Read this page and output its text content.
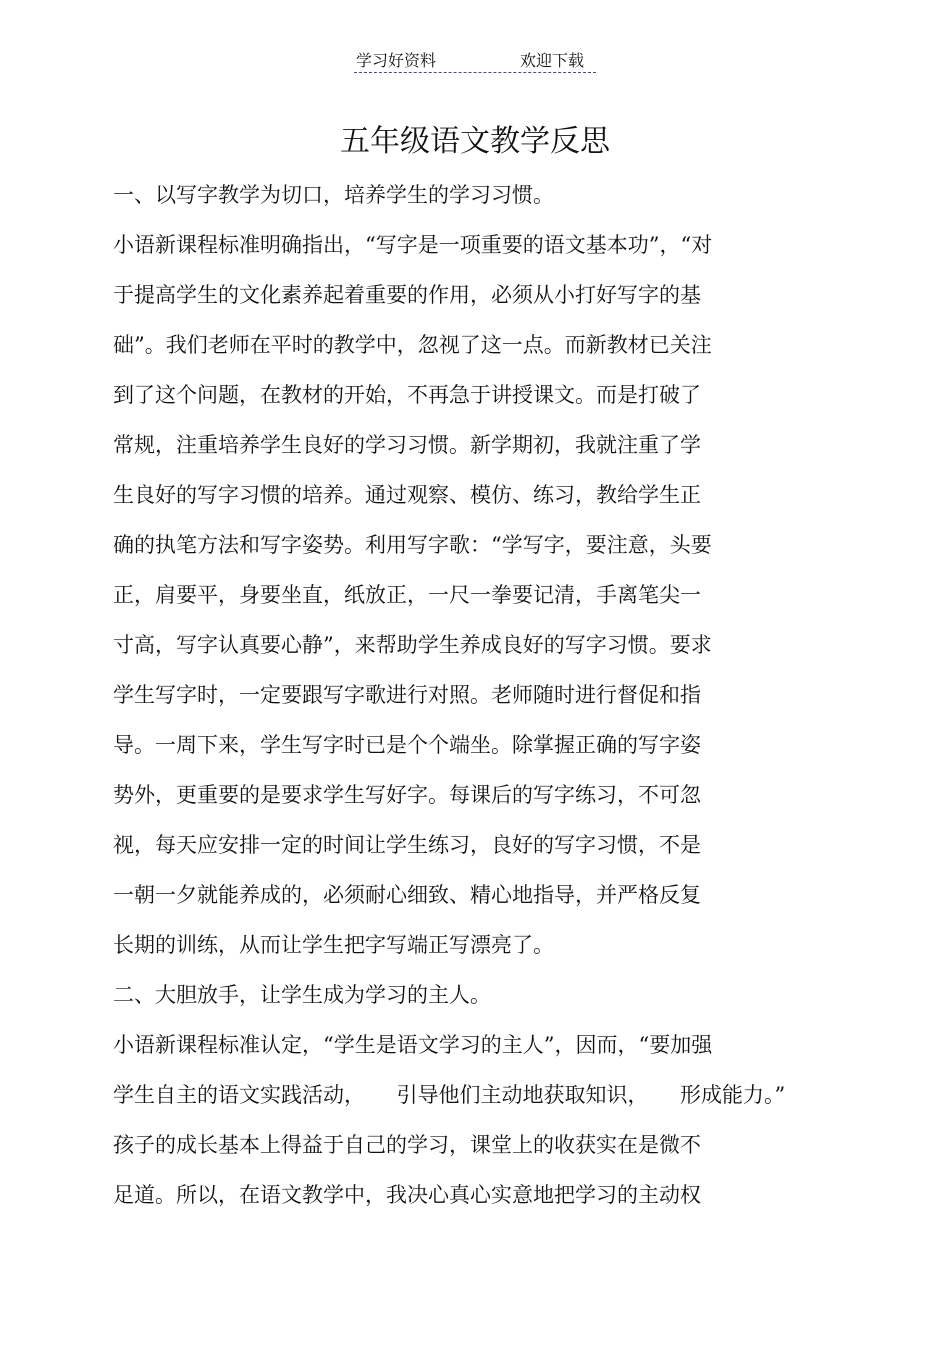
学习好资料	欢迎下载
五年级语文教学反思
一、以写字教学为切口，培养学生的学习习惯。
小语新课程标准明确指出，“写字是一项重要的语文基本功”，“对
于提高学生的文化素养起着重要的作用，必须从小打好写字的基
础”。我们老师在平时的教学中，忽视了这一点。而新教材已关注
到了这个问题，在教材的开始，不再急于讲授课文。而是打破了
常规，注重培养学生良好的学习习惯。新学期初，我就注重了学
生良好的写字习惯的培养。通过观察、模仿、练习，教给学生正
确的执笔方法和写字姿势。利用写字歌：“学写字，要注意，头要
正，肩要平，身要坐直，纸放正，一尺一拳要记清，手离笔尖一
寸高，写字认真要心静”，来帮助学生养成良好的写字习惯。要求
学生写字时，一定要跟写字歌进行对照。老师随时进行督促和指
导。一周下来，学生写字时已是个个端坐。除掌握正确的写字姿
势外，更重要的是要求学生写好字。每课后的写字练习，不可忽
视，每天应安排一定的时间让学生练习，良好的写字习惯，不是
一朝一夕就能养成的，必须耐心细致、精心地指导，并严格反复
长期的训练，从而让学生把字写端正写漂亮了。
二、大胆放手，让学生成为学习的主人。
小语新课程标准认定，“学生是语文学习的主人”，因而，“要加强
学生自主的语文实践活动，　　引导他们主动地获取知识，　　形成能力。”
孩子的成长基本上得益于自己的学习，课堂上的收获实在是微不
足道。所以，在语文教学中，我决心真心实意地把学习的主动权
